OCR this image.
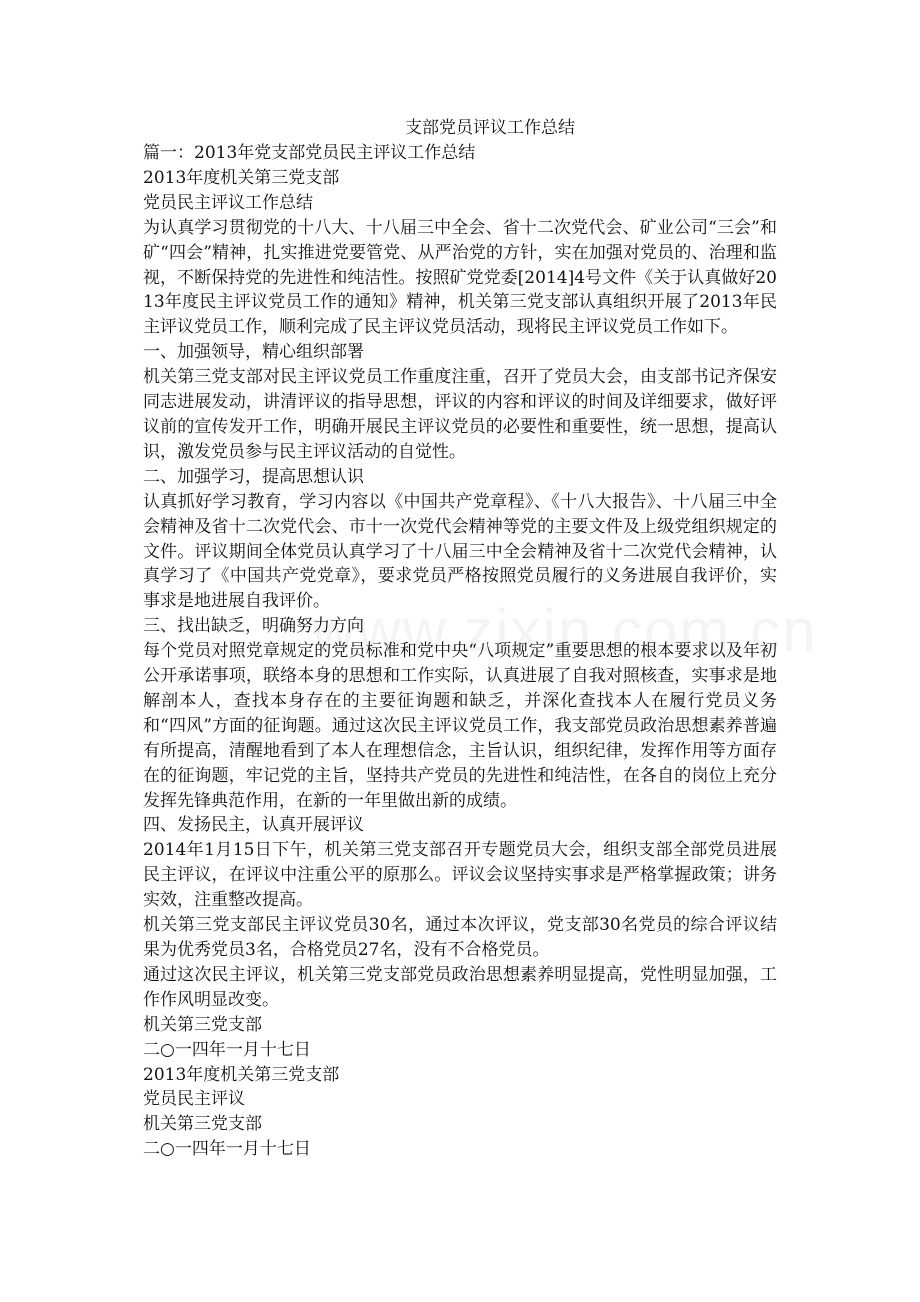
支部党员评议工作总结

篇一：2013年党支部党员民主评议工作总结

2013年度机关第三党支部

党员民主评议工作总结

为认真学习贯彻党的十八大、十八届三中全会、省十二次党代会、矿业公司“三会”和矿“四会”精神，扎实推进党要管党、从严治党的方针，实在加强对党员的、治理和监视，不断保持党的先进性和纯洁性。按照矿党党委[2014]4号文件《关于认真做好2013年度民主评议党员工作的通知》精神，机关第三党支部认真组织开展了2013年民主评议党员工作，顺利完成了民主评议党员活动，现将民主评议党员工作如下。

一、加强领导，精心组织部署

机关第三党支部对民主评议党员工作重度注重，召开了党员大会，由支部书记齐保安同志进展发动，讲清评议的指导思想，评议的内容和评议的时间及详细要求，做好评议前的宣传发开工作，明确开展民主评议党员的必要性和重要性，统一思想，提高认识，激发党员参与民主评议活动的自觉性。

二、加强学习，提高思想认识

认真抓好学习教育，学习内容以《中国共产党章程》、《十八大报告》、十八届三中全会精神及省十二次党代会、市十一次党代会精神等党的主要文件及上级党组织规定的文件。评议期间全体党员认真学习了十八届三中全会精神及省十二次党代会精神，认真学习了《中国共产党党章》，要求党员严格按照党员履行的义务进展自我评价，实事求是地进展自我评价。

三、找出缺乏，明确努力方向

每个党员对照党章规定的党员标准和党中央“八项规定”重要思想的根本要求以及年初公开承诺事项，联络本身的思想和工作实际，认真进展了自我对照核查，实事求是地解剖本人，查找本身存在的主要征询题和缺乏，并深化查找本人在履行党员义务和“四风”方面的征询题。通过这次民主评议党员工作，我支部党员政治思想素养普遍有所提高，清醒地看到了本人在理想信念，主旨认识，组织纪律，发挥作用等方面存在的征询题，牢记党的主旨，坚持共产党员的先进性和纯洁性，在各自的岗位上充分发挥先锋典范作用，在新的一年里做出新的成绩。

四、发扬民主，认真开展评议

2014年1月15日下午，机关第三党支部召开专题党员大会，组织支部全部党员进展民主评议，在评议中注重公平的原那么。评议会议坚持实事求是严格掌握政策；讲务实效，注重整改提高。

机关第三党支部民主评议党员30名，通过本次评议，党支部30名党员的综合评议结果为优秀党员3名，合格党员27名，没有不合格党员。

通过这次民主评议，机关第三党支部党员政治思想素养明显提高，党性明显加强，工作作风明显改变。

机关第三党支部

二○一四年一月十七日

2013年度机关第三党支部

党员民主评议

机关第三党支部

二○一四年一月十七日
